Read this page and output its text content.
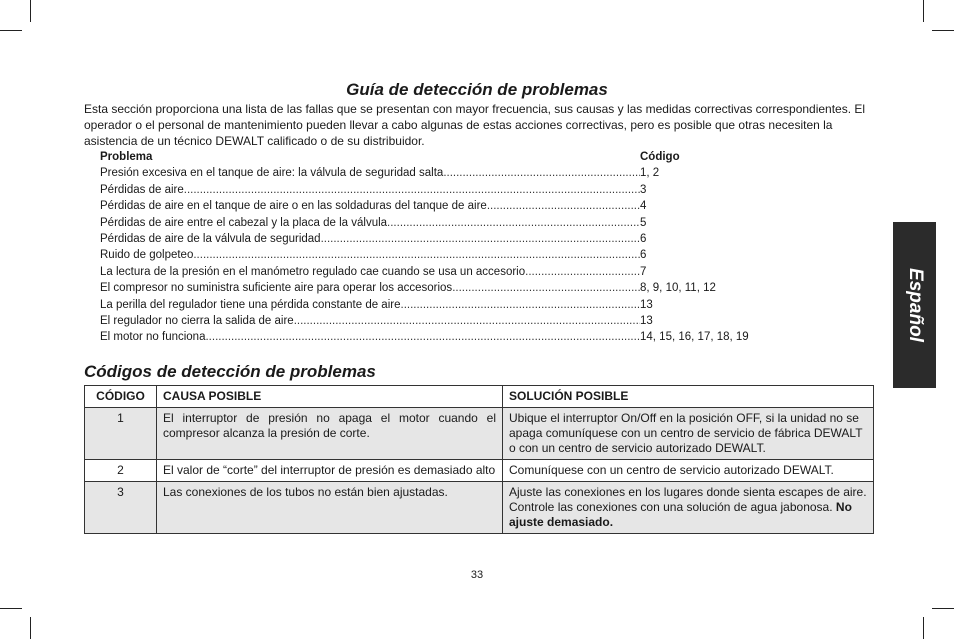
Guía de detección de problemas

Esta sección proporciona una lista de las fallas que se presentan con mayor frecuencia, sus causas y las medidas correctivas correspondientes. El operador o el personal de mantenimiento pueden llevar a cabo algunas de estas acciones correctivas, pero es posible que otras necesiten la asistencia de un técnico DEWALT calificado o de su distribuidor.

Problema	Código
Presión excesiva en el tanque de aire: la válvula de seguridad salta .....	1, 2
Pérdidas de aire .....	3
Pérdidas de aire en el tanque de aire o en las soldaduras del tanque de aire .....	4
Pérdidas de aire entre el cabezal y la placa de la válvula .....	5
Pérdidas de aire de la válvula de seguridad .....	6
Ruido de golpeteo .....	6
La lectura de la presión en el manómetro regulado cae cuando se usa un accesorio .....	7
El compresor no suministra suficiente aire para operar los accesorios .....	8, 9, 10, 11, 12
La perilla del regulador tiene una pérdida constante de aire .....	13
El regulador no cierra la salida de aire .....	13
El motor no funciona .....	14, 15, 16, 17, 18, 19
Códigos de detección de problemas
CÓDIGO	CAUSA POSIBLE	SOLUCIÓN POSIBLE
1	El interruptor de presión no apaga el motor cuando el compresor alcanza la presión de corte.	Ubique el interruptor On/Off en la posición OFF, si la unidad no se apaga comuníquese con un centro de servicio de fábrica DEWALT o con un centro de servicio autorizado DEWALT.
2	El valor de “corte” del interruptor de presión es demasiado alto	Comuníquese con un centro de servicio autorizado DEWALT.
3	Las conexiones de los tubos no están bien ajustadas.	Ajuste las conexiones en los lugares donde sienta escapes de aire. Controle las conexiones con una solución de agua jabonosa. No ajuste demasiado.
Español
33
